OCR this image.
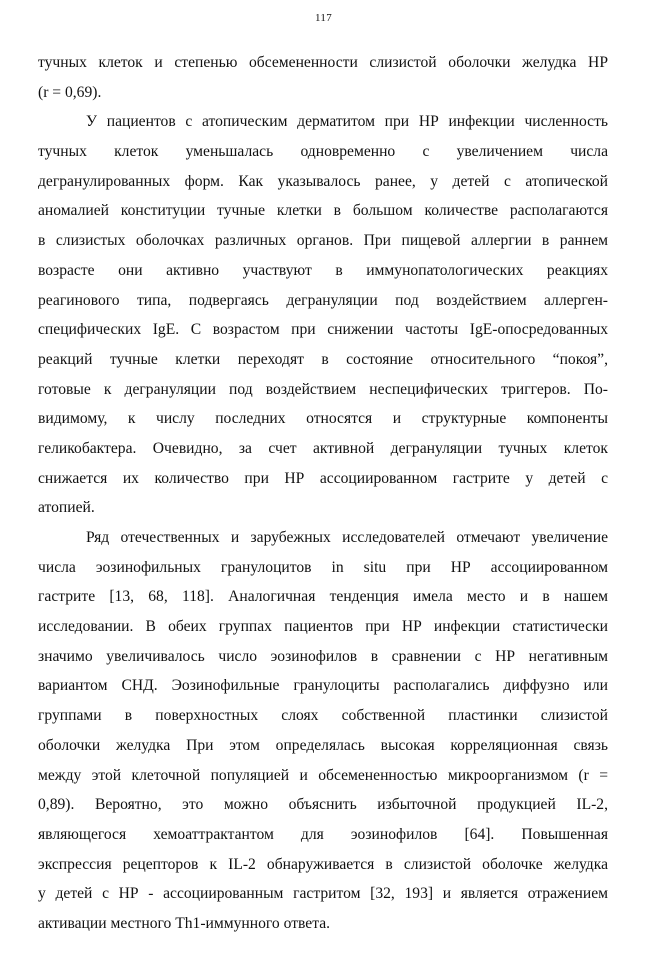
117
тучных клеток и степенью обсемененности слизистой оболочки желудка НР
(r = 0,69).
У пациентов с атопическим дерматитом при НР инфекции численность
тучных клеток уменьшалась одновременно с увеличением числа
дегранулированных форм. Как указывалось ранее, у детей с атопической
аномалией конституции тучные клетки в большом количестве располагаются
в слизистых оболочках различных органов. При пищевой аллергии в раннем
возрасте они активно участвуют в иммунопатологических реакциях
реагинового типа, подвергаясь дегрануляции под воздействием аллерген-
специфических IgE. С возрастом при снижении частоты IgE-опосредованных
реакций тучные клетки переходят в состояние относительного “покоя”,
готовые к дегрануляции под воздействием неспецифических триггеров. По-
видимому, к числу последних относятся и структурные компоненты
геликобактера. Очевидно, за счет активной дегрануляции тучных клеток
снижается их количество при НР ассоциированном гастрите у детей с
атопией.
Ряд отечественных и зарубежных исследователей отмечают увеличение
числа эозинофильных гранулоцитов in situ при НР ассоциированном
гастрите [13, 68, 118]. Аналогичная тенденция имела место и в нашем
исследовании. В обеих группах пациентов при НР инфекции статистически
значимо увеличивалось число эозинофилов в сравнении с НР негативным
вариантом СНД. Эозинофильные гранулоциты располагались диффузно или
группами в поверхностных слоях собственной пластинки слизистой
оболочки желудка При этом определялась высокая корреляционная связь
между этой клеточной популяцией и обсемененностью микроорганизмом (r =
0,89). Вероятно, это можно объяснить избыточной продукцией IL-2,
являющегося хемоаттрактантом для эозинофилов [64]. Повышенная
экспрессия рецепторов к IL-2 обнаруживается в слизистой оболочке желудка
у детей с НР - ассоциированным гастритом [32, 193] и является отражением
активации местного Th1-иммунного ответа.
